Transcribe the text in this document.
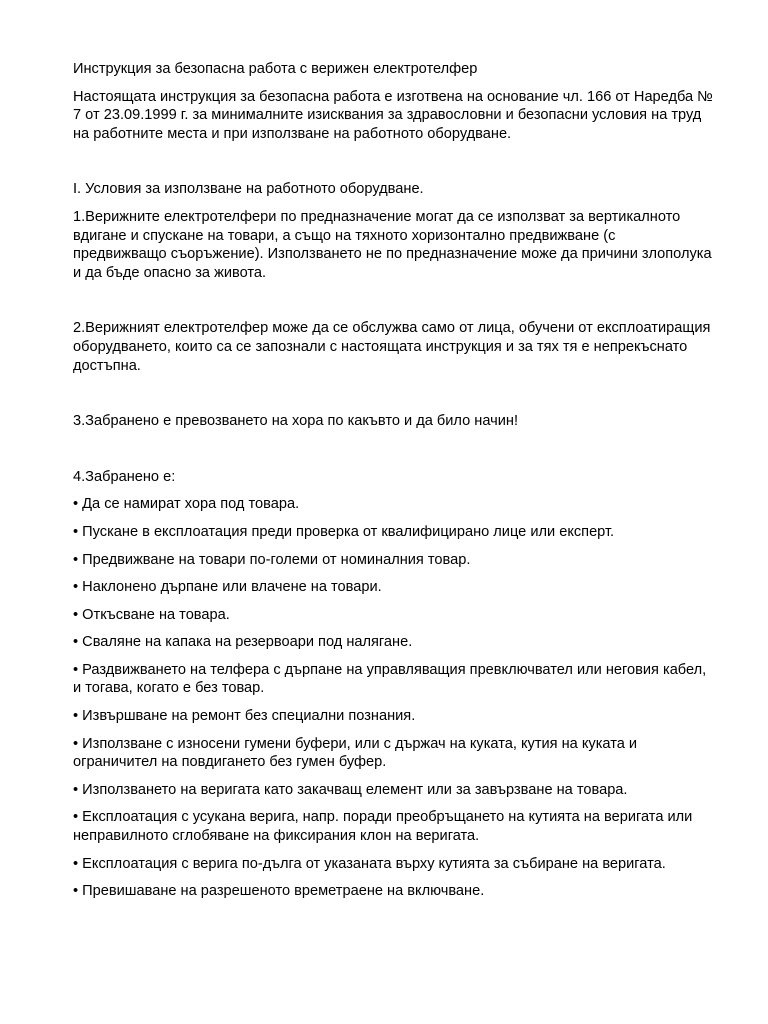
Инструкция за безопасна работа с верижен електротелфер

Настоящата инструкция за безопасна работа е изготвена на основание чл. 166 от Наредба № 7 от 23.09.1999 г. за минималните изисквания за здравословни и безопасни условия на труд на работните места и при използване на работното оборудване.

I. Условия за използване на работното оборудване.

1.Верижните електротелфери по предназначение могат да се използват за вертикалното вдигане и спускане на товари, а също на тяхното хоризонтално предвижване (с предвижващо съоръжение). Използването не по предназначение може да причини злополука и да бъде опасно за живота.

2.Верижният електротелфер може да се обслужва само от лица, обучени от експлоатиращия оборудването, които са се запознали с настоящата инструкция и за тях тя е непрекъснато достъпна.

3.Забранено е превозването на хора по какъвто и да било начин!

4.Забранено е:

• Да се намират хора под товара.

• Пускане в експлоатация преди проверка от квалифицирано лице или експерт.

• Предвижване на товари по-големи от номиналния товар.

• Наклонено дърпане или влачене на товари.

• Откъсване на товара.

• Сваляне на капака на резервоари под налягане.

• Раздвижването на телфера с дърпане на управляващия превключвател или неговия кабел, и тогава, когато е без товар.

• Извършване на ремонт без специални познания.

• Използване с износени гумени буфери, или с държач на куката, кутия на куката и ограничител на повдигането без гумен буфер.

• Използването на веригата като закачващ елемент или за завързване на товара.

• Експлоатация с усукана верига, напр. поради преобръщането на кутията на веригата или неправилното сглобяване на фиксирания клон на веригата.

• Експлоатация с верига по-дълга от указаната върху кутията за събиране на веригата.

• Превишаване на разрешеното времетраене на включване.
